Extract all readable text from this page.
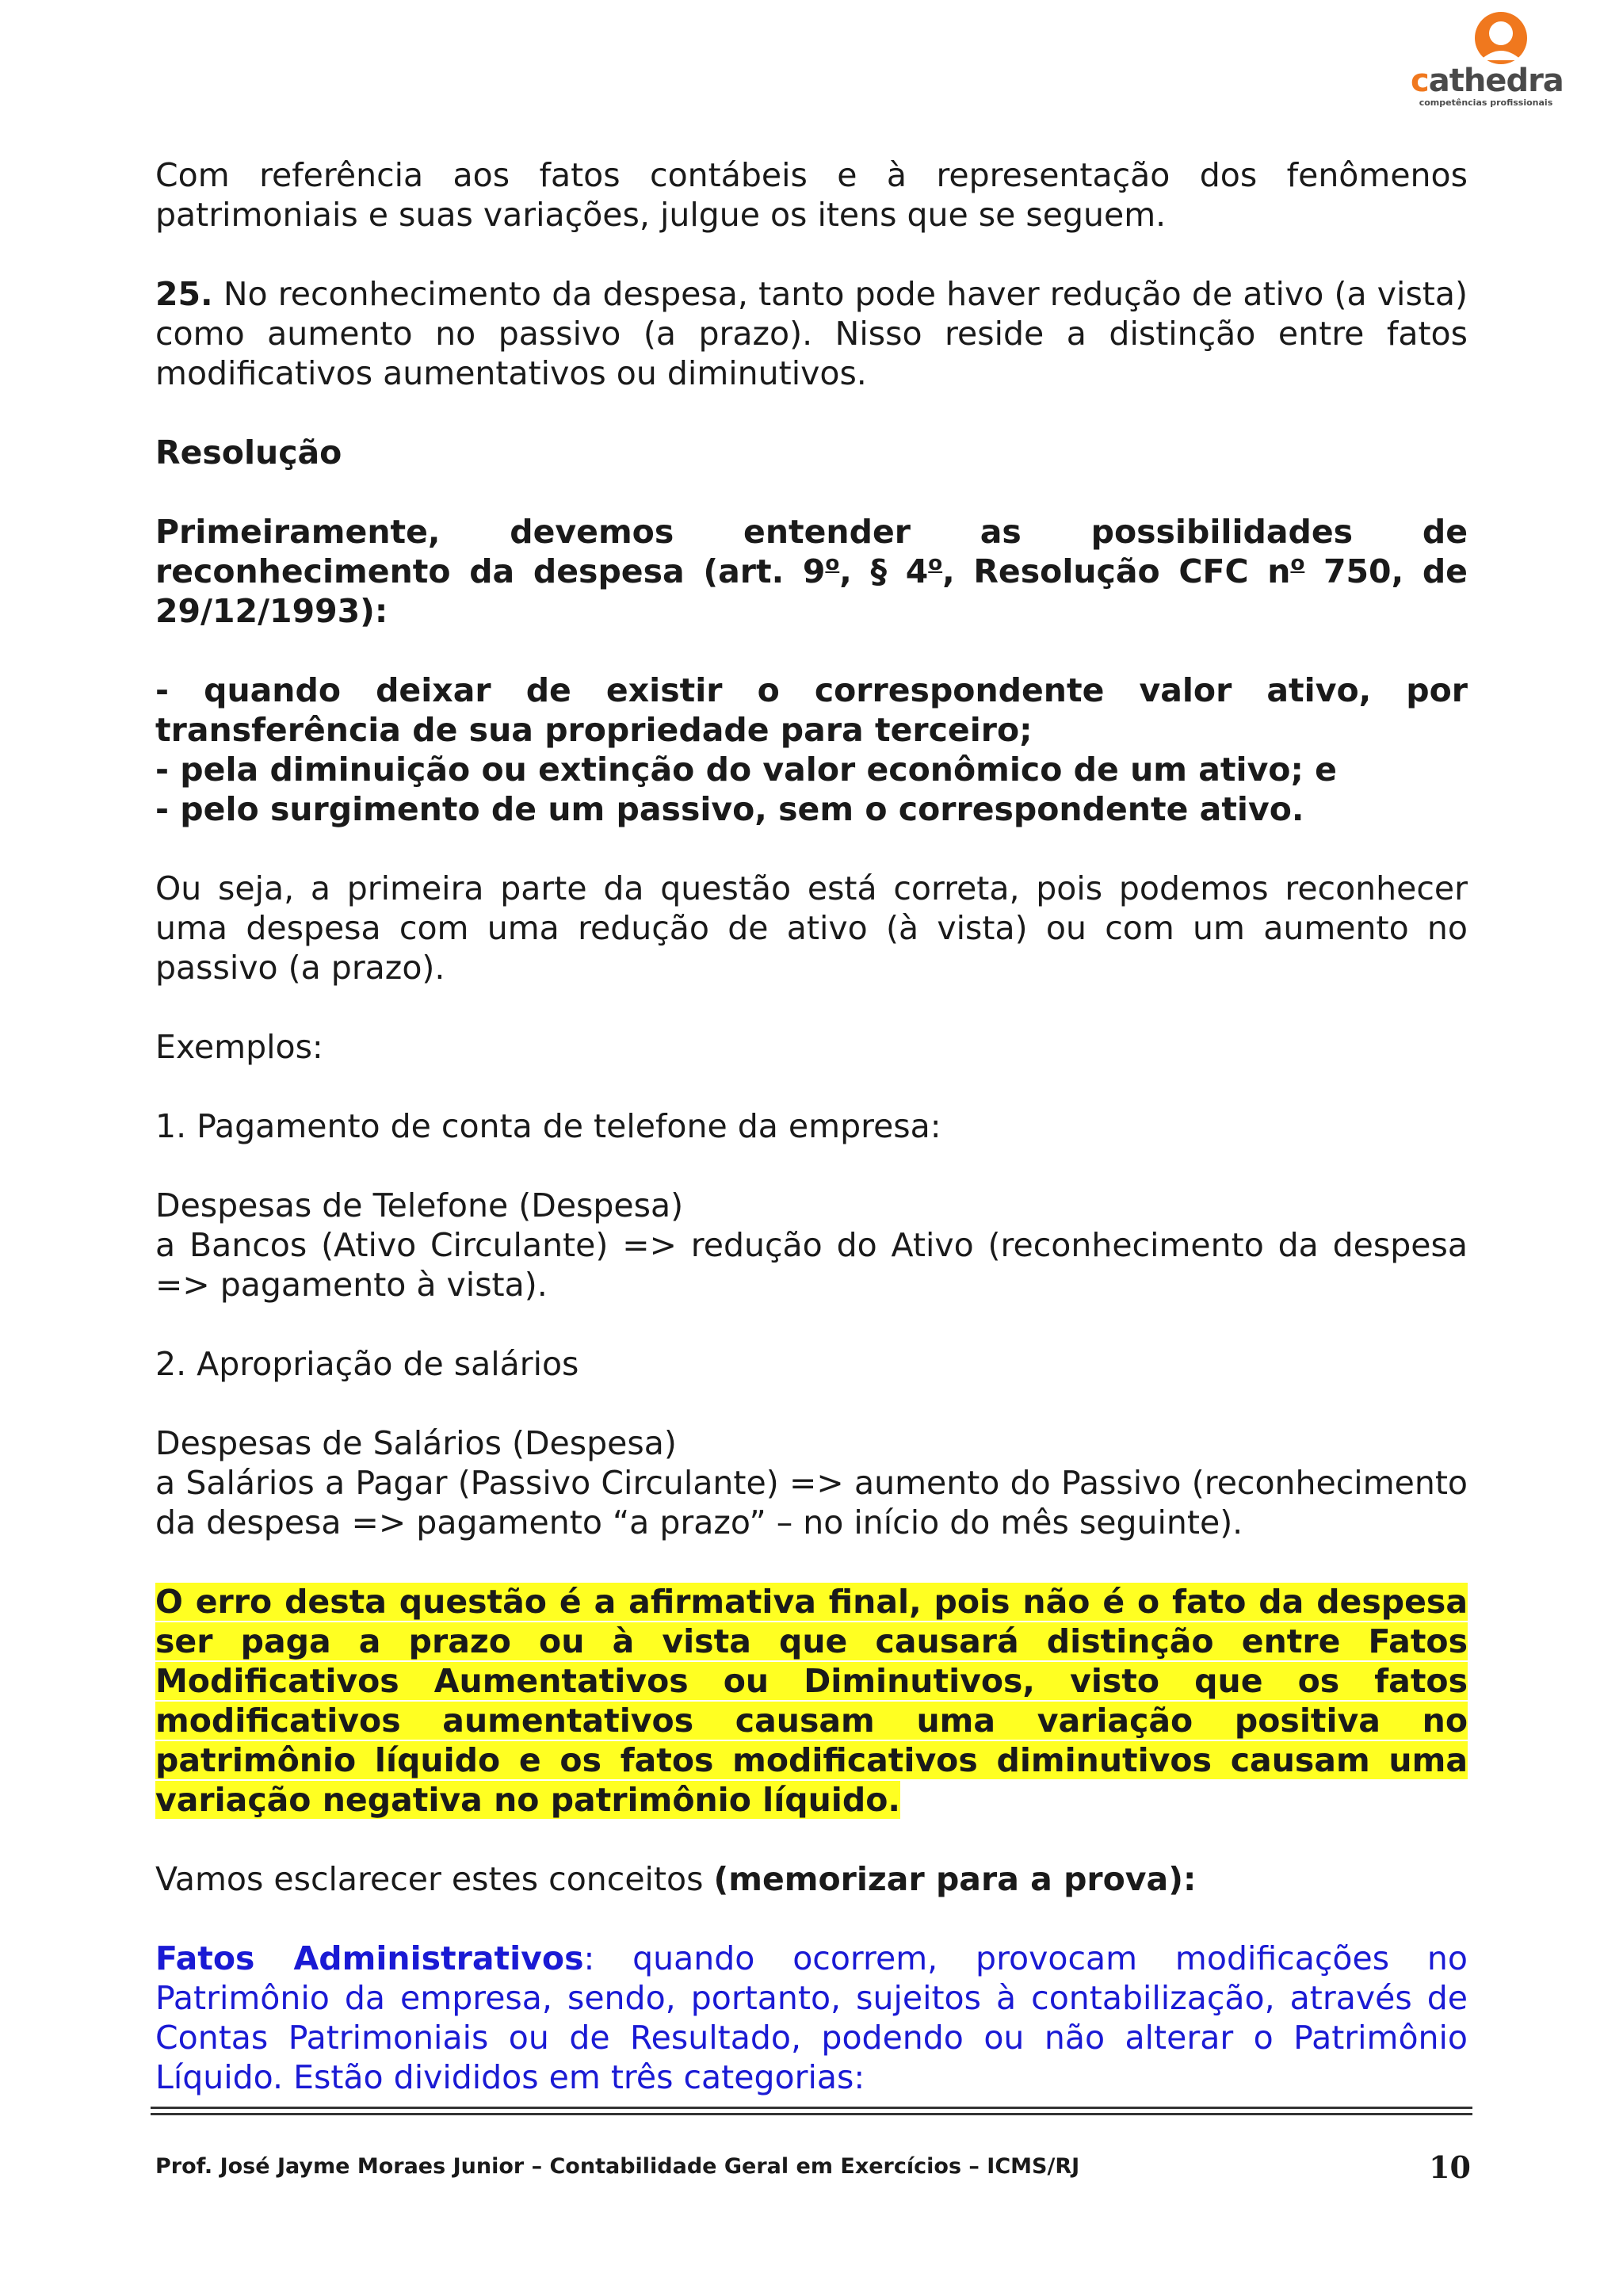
cathedra
competências profissionais

Com referência aos fatos contábeis e à representação dos fenômenos patrimoniais e suas variações, julgue os itens que se seguem.

25. No reconhecimento da despesa, tanto pode haver redução de ativo (a vista) como aumento no passivo (a prazo). Nisso reside a distinção entre fatos modificativos aumentativos ou diminutivos.

Resolução

Primeiramente, devemos entender as possibilidades de reconhecimento da despesa (art. 9$^o$, § 4$^o$, Resolução CFC $n^o$ 750, de 29/12/1993):

- quando deixar de existir o correspondente valor ativo, por transferência de sua propriedade para terceiro;
- pela diminuição ou extinção do valor econômico de um ativo; e
- pelo surgimento de um passivo, sem o correspondente ativo.

Ou seja, a primeira parte da questão está correta, pois podemos reconhecer uma despesa com uma redução de ativo (à vista) ou com um aumento no passivo (a prazo).

Exemplos:

1. Pagamento de conta de telefone da empresa:

Despesas de Telefone (Despesa)
a Bancos (Ativo Circulante) => redução do Ativo (reconhecimento da despesa => pagamento à vista).

2. Apropriação de salários

Despesas de Salários (Despesa)
a Salários a Pagar (Passivo Circulante) => aumento do Passivo (reconhecimento da despesa => pagamento “a prazo” – no início do mês seguinte).

O erro desta questão é a afirmativa final, pois não é o fato da despesa ser paga a prazo ou à vista que causará distinção entre Fatos Modificativos Aumentativos ou Diminutivos, visto que os fatos modificativos aumentativos causam uma variação positiva no patrimônio líquido e os fatos modificativos diminutivos causam uma variação negativa no patrimônio líquido.

Vamos esclarecer estes conceitos (memorizar para a prova):

Fatos Administrativos: quando ocorrem, provocam modificações no Patrimônio da empresa, sendo, portanto, sujeitos à contabilização, através de Contas Patrimoniais ou de Resultado, podendo ou não alterar o Patrimônio Líquido. Estão divididos em três categorias:

Prof. José Jayme Moraes Junior – Contabilidade Geral em Exercícios – ICMS/RJ	10
